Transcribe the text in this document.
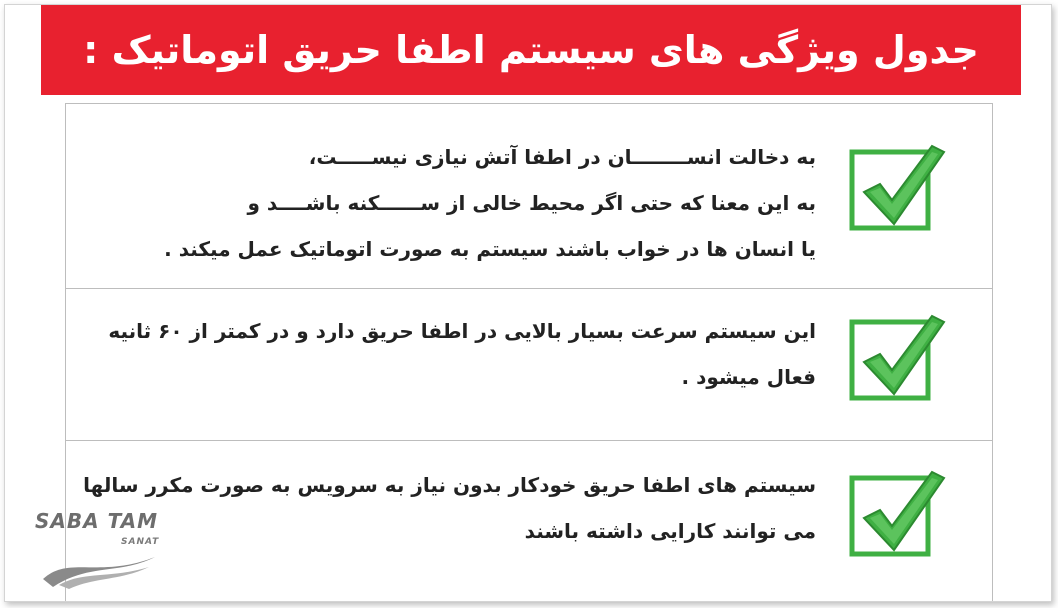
جدول ویژگی های سیستم اطفا حریق اتوماتیک :
به دخالت انســــــــان در اطفا آتش نیازی نیســـــت،
به این معنا که حتی اگر محیط خالی از ســــــکنه باشــــد و
یا انسان ها در خواب باشند سیستم به صورت اتوماتیک عمل میکند .
این سیستم سرعت بسیار بالایی در اطفا حریق دارد و در کمتر از ۶۰ ثانیه
فعال میشود .
سیستم های اطفا حریق خودکار بدون نیاز به سرویس به صورت مکرر سالها
می توانند کارایی داشته باشند
SABA TAM
SANAT
